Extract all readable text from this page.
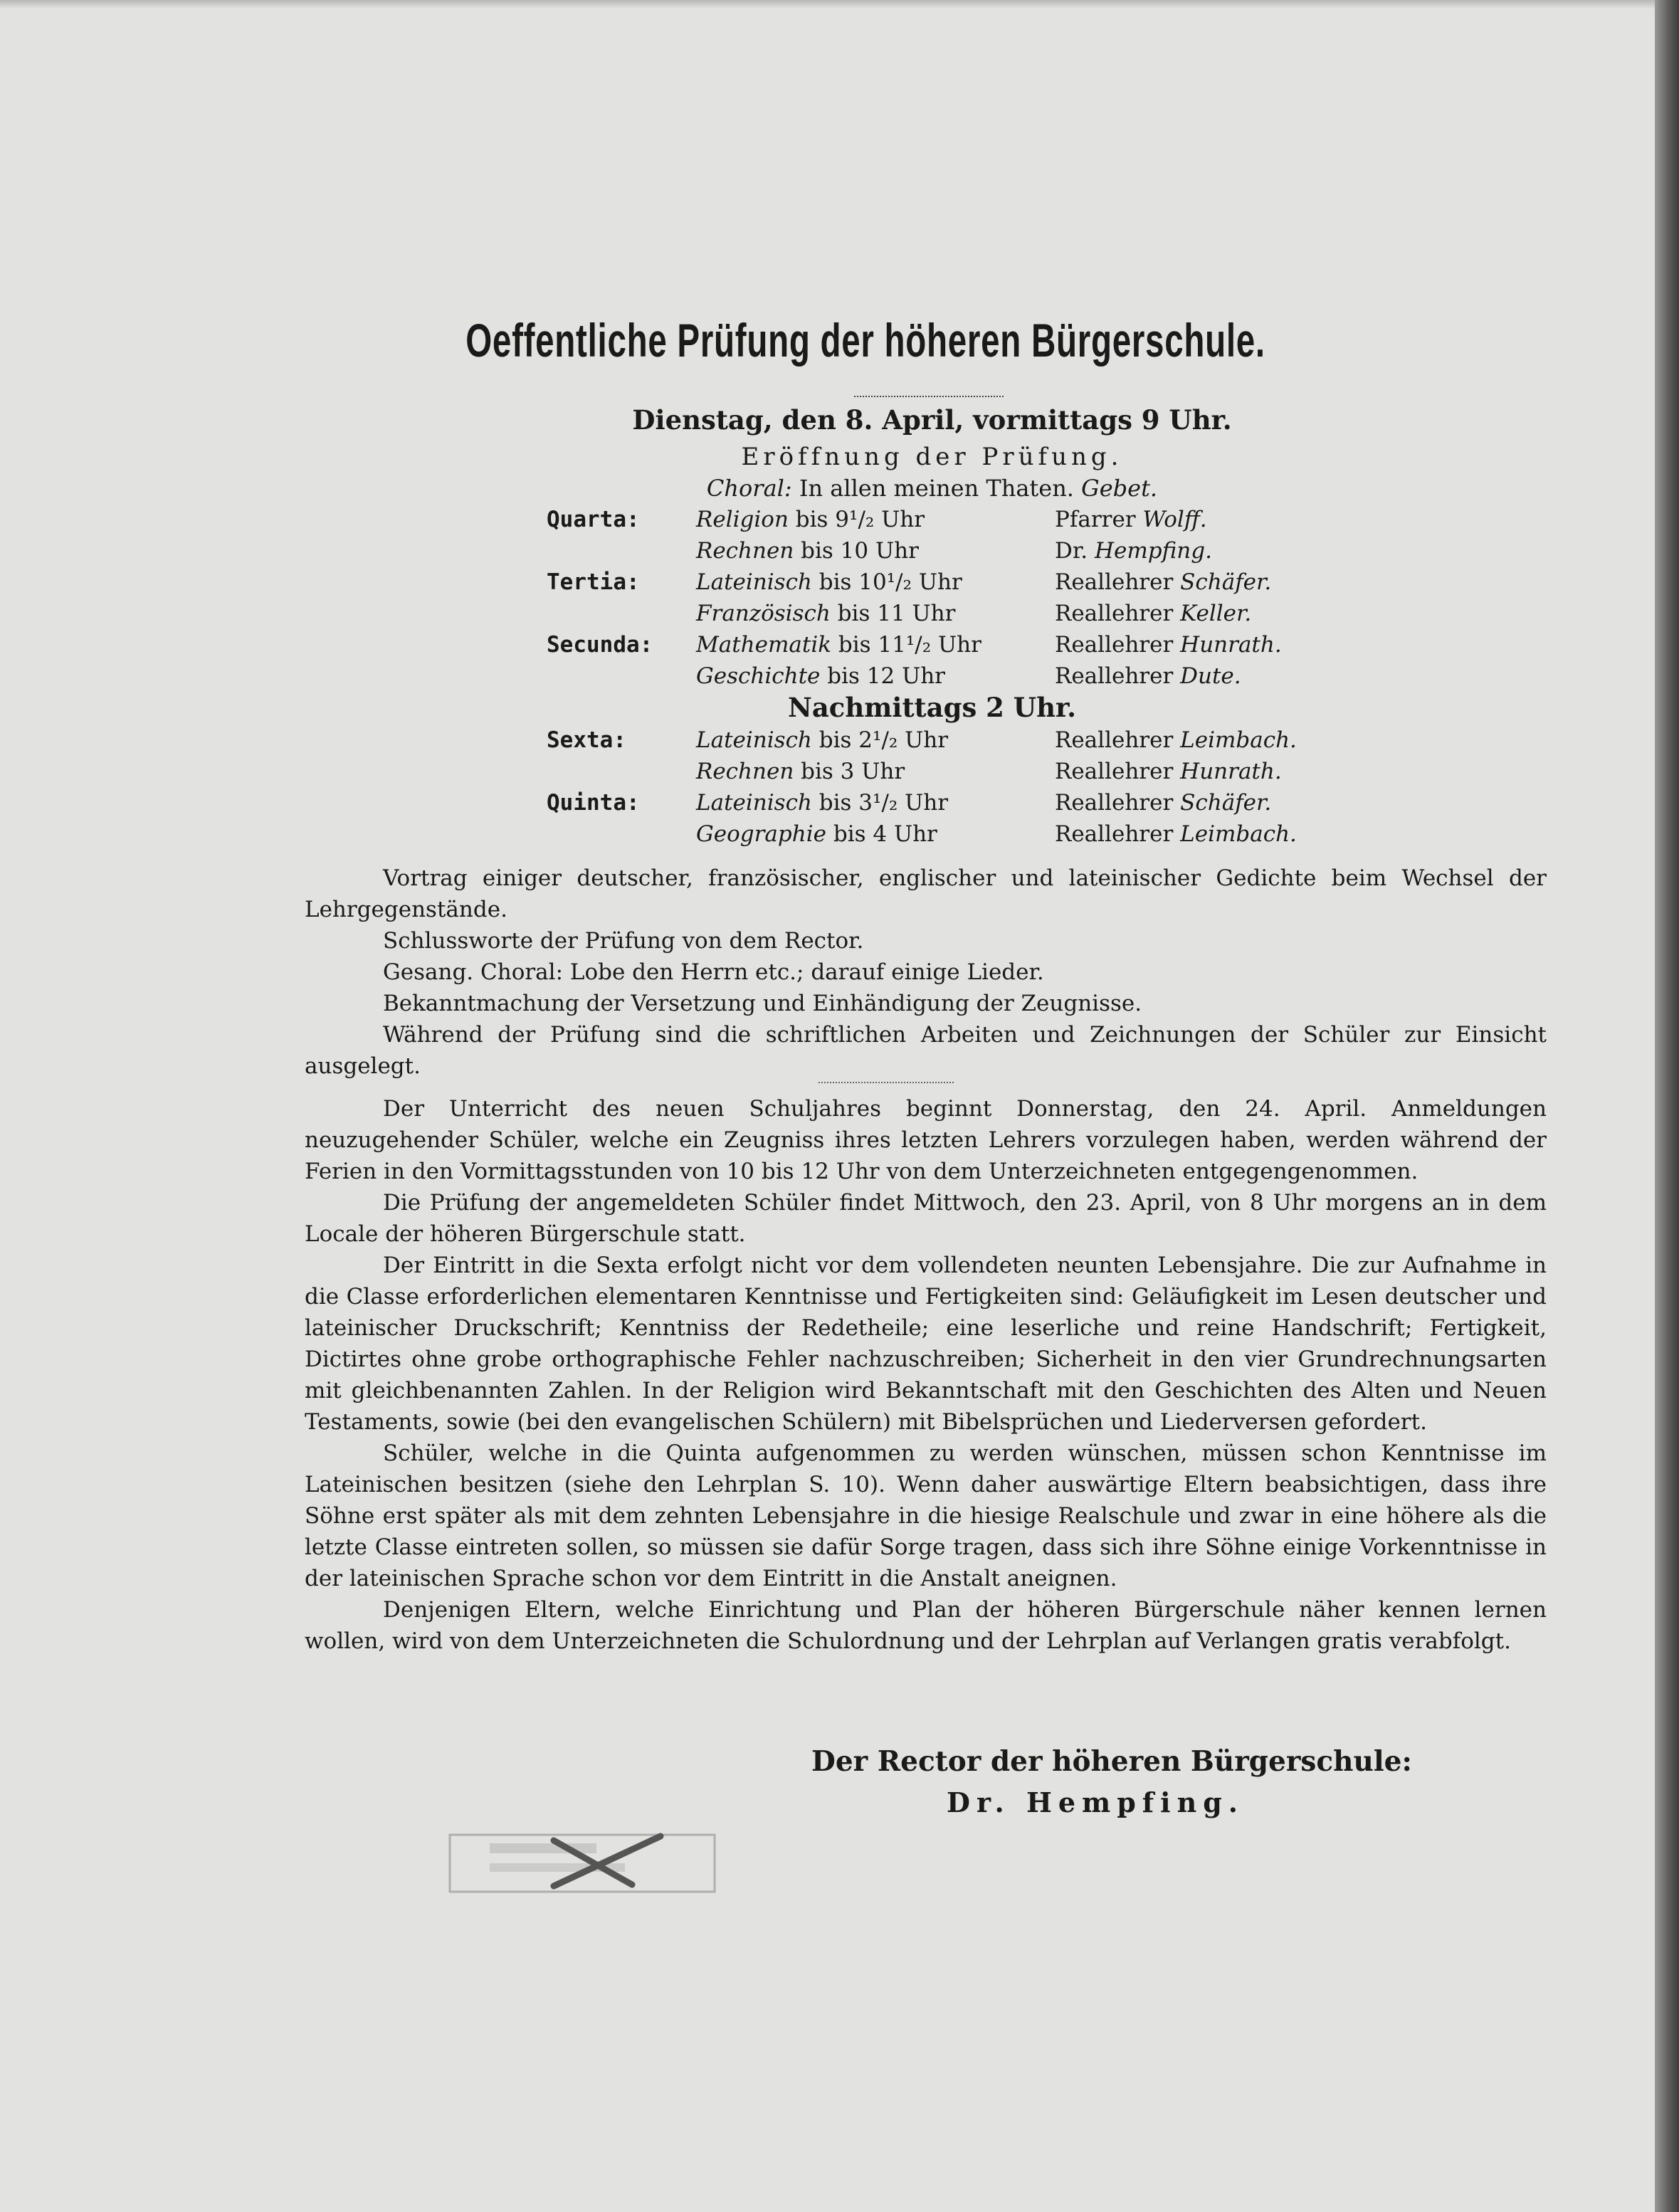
Oeffentliche Prüfung der höheren Bürgerschule.
Dienstag, den 8. April, vormittags 9 Uhr.
Eröffnung der Prüfung.
Choral: In allen meinen Thaten. Gebet.
Quarta:	Religion bis 9¹/₂ Uhr	Pfarrer Wolff.
Rechnen bis 10 Uhr	Dr. Hempfing.
Tertia:	Lateinisch bis 10¹/₂ Uhr	Reallehrer Schäfer.
Französisch bis 11 Uhr	Reallehrer Keller.
Secunda: Mathematik bis 11¹/₂ Uhr	Reallehrer Hunrath.
Geschichte bis 12 Uhr	Reallehrer Dute.
Nachmittags 2 Uhr.
Sexta:	Lateinisch bis 2¹/₂ Uhr	Reallehrer Leimbach.
Rechnen bis 3 Uhr	Reallehrer Hunrath.
Quinta:	Lateinisch bis 3¹/₂ Uhr	Reallehrer Schäfer.
Geographie bis 4 Uhr	Reallehrer Leimbach.

Vortrag einiger deutscher, französischer, englischer und lateinischer Gedichte beim Wechsel der Lehrgegenstände.

Schlussworte der Prüfung von dem Rector.

Gesang. Choral: Lobe den Herrn etc.; darauf einige Lieder.

Bekanntmachung der Versetzung und Einhändigung der Zeugnisse.

Während der Prüfung sind die schriftlichen Arbeiten und Zeichnungen der Schüler zur Einsicht ausgelegt.

Der Unterricht des neuen Schuljahres beginnt Donnerstag, den 24. April. Anmeldungen neuzugehender Schüler, welche ein Zeugniss ihres letzten Lehrers vorzulegen haben, werden während der Ferien in den Vormittagsstunden von 10 bis 12 Uhr von dem Unterzeichneten entgegengenommen.

Die Prüfung der angemeldeten Schüler findet Mittwoch, den 23. April, von 8 Uhr morgens an in dem Locale der höheren Bürgerschule statt.

Der Eintritt in die Sexta erfolgt nicht vor dem vollendeten neunten Lebensjahre. Die zur Aufnahme in die Classe erforderlichen elementaren Kenntnisse und Fertigkeiten sind: Geläufigkeit im Lesen deutscher und lateinischer Druckschrift; Kenntniss der Redetheile; eine leserliche und reine Handschrift; Fertigkeit, Dictirtes ohne grobe orthographische Fehler nachzuschreiben; Sicherheit in den vier Grundrechnungsarten mit gleichbenannten Zahlen. In der Religion wird Bekanntschaft mit den Geschichten des Alten und Neuen Testaments, sowie (bei den evangelischen Schülern) mit Bibelsprüchen und Liederversen gefordert.

Schüler, welche in die Quinta aufgenommen zu werden wünschen, müssen schon Kenntnisse im Lateinischen besitzen (siehe den Lehrplan S. 10). Wenn daher auswärtige Eltern beabsichtigen, dass ihre Söhne erst später als mit dem zehnten Lebensjahre in die hiesige Realschule und zwar in eine höhere als die letzte Classe eintreten sollen, so müssen sie dafür Sorge tragen, dass sich ihre Söhne einige Vorkenntnisse in der lateinischen Sprache schon vor dem Eintritt in die Anstalt aneignen.

Denjenigen Eltern, welche Einrichtung und Plan der höheren Bürgerschule näher kennen lernen wollen, wird von dem Unterzeichneten die Schulordnung und der Lehrplan auf Verlangen gratis verabfolgt.

Der Rector der höheren Bürgerschule:
Dr. Hempfing.
